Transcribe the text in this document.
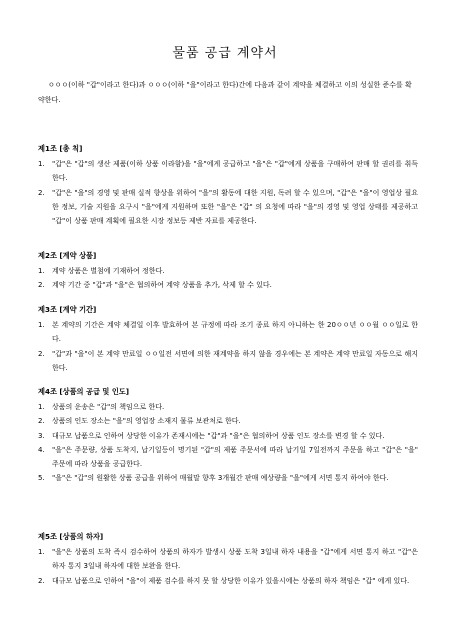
물품 공급 계약서
ㅇㅇㅇ(이하 "갑"이라고 한다)과 ㅇㅇㅇ(이하 "을"이라고 한다)간에 다음과 같이 계약을 체결하고 이의 성실한 준수를 확약한다.
제1조 [총 칙]
1.	"갑"은 "갑"의 생산 제품(이하 상품 이라함)을 "을"에게 공급하고 "을"은 "갑"에게 상품을 구매하여 판매 할 권리를 취득한다.
2.	"갑"은 "을"의 경영 및 판매 실적 향상을 위하여 "을"의 활동에 대한 지원, 독려 할 수 있으며, "갑"은 "을"이 영업상 필요한 정보, 기술 지원을 요구시 "을"에게 지원하며 또한 "을"은 "갑" 의 요청에 따라 "을"의 경영 및 영업 상태를 제공하고 "갑"이 상품 판매 계획에 필요한 시장 정보등 제반 자료를 제공한다.
제2조 [계약 상품]
1.	계약 상품은 별첨에 기재하여 정한다.
2.	계약 기간 중 "갑"과 "을"은 협의하여 계약 상품을 추가, 삭제 할 수 있다.
제3조 [계약 기간]
1.	본 계약의 기간은 계약 체결일 이후 발효하여 본 규정에 따라 조기 종료 하지 아니하는 한 20ㅇㅇ년 ㅇㅇ월 ㅇㅇ일로 한다.
2.	"갑"과 "을"이 본 계약 만료일 ㅇㅇ일전 서면에 의한 재계약을 하지 않을 경우에는 본 계약은 계약 만료일 자동으로 해지한다.
제4조 [상품의 공급 및 인도]
1.	상품의 운송은 "갑"의 책임으로 한다.
2.	상품의 인도 장소는 "을"의 영업장 소재지 물류 보관처로 한다.
3.	대규모 납품으로 인하여 상당한 이유가 존재시에는 "갑"과 "을"은 협의하여 상품 인도 장소를 변경 할 수 있다.
4.	"을"은 주문량, 상품 도착지, 납기일등이 명기된 "갑"의 제품 주문서에 따라 납기일 7일전까지 주문을 하고 "갑"은 "을" 주문에 따라 상품을 공급한다.
5.	"을"은 "갑"의 원활한 상품 공급을 위하여 매월말 향후 3개월간 판매 예상량을 "을"에게 서면 통지 하여야 한다.
제5조 [상품의 하자]
1.	"을"은 상품의 도착 즉시 검수하여 상품의 하자가 발생시 상품 도착 3일내 하자 내용을 "갑"에게 서면 통지 하고 "갑"은 하자 통지 3일내 하자에 대한 보완을 한다.
2.	대규모 납품으로 인하여 "을"이 제품 검수를 하지 못 할 상당한 이유가 있을시에는 상품의 하자 책임은 "갑" 에게 있다.
